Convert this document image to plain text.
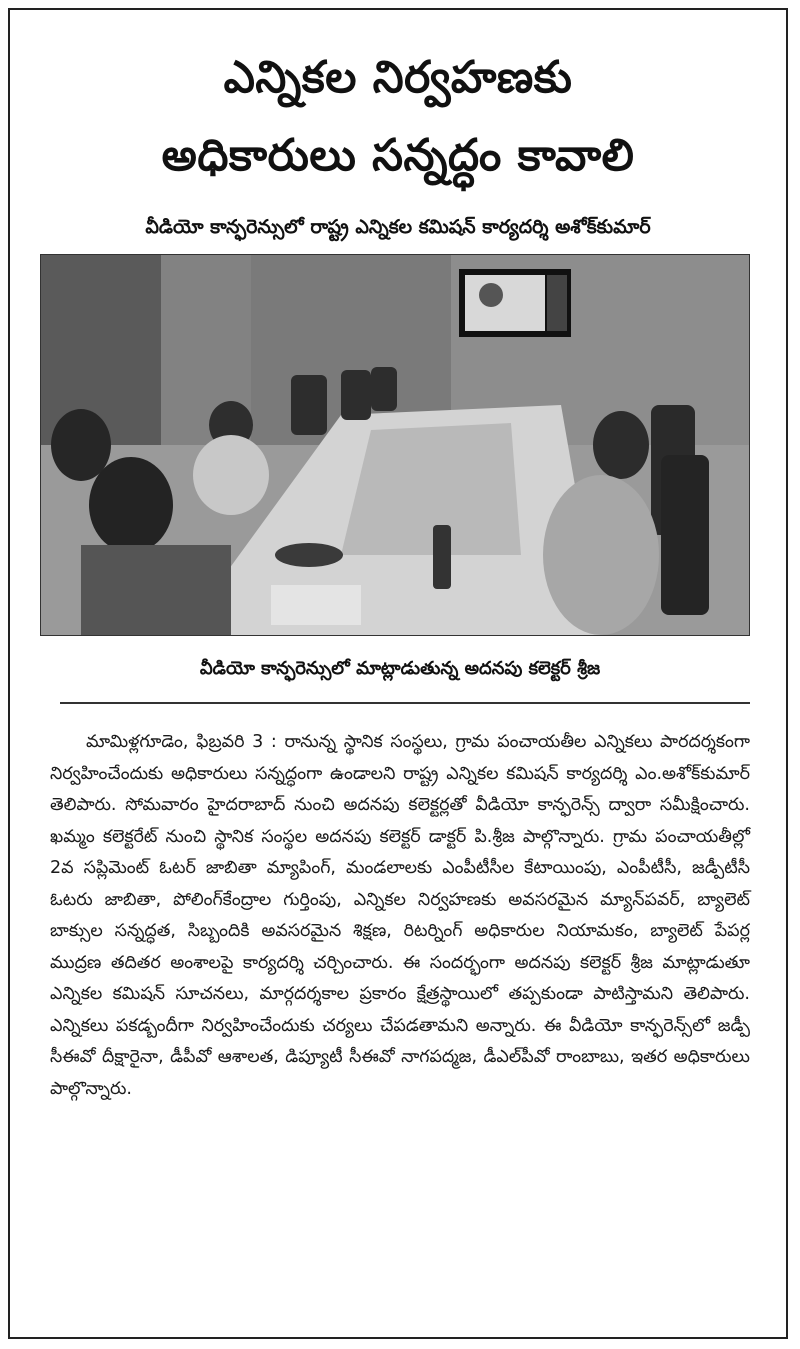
ఎన్నికల నిర్వహణకు
అధికారులు సన్నద్ధం కావాలి
వీడియో కాన్ఫరెన్సులో రాష్ట్ర ఎన్నికల కమిషన్ కార్యదర్శి అశోక్‌కుమార్
వీడియో కాన్ఫరెన్సులో మాట్లాడుతున్న అదనపు కలెక్టర్ శ్రీజ

మామిళ్లగూడెం, ఫిబ్రవరి 3 : రానున్న స్థానిక సంస్థలు, గ్రామ పంచాయతీల ఎన్నికలు పారదర్శకంగా నిర్వహించేందుకు అధికారులు సన్నద్ధంగా ఉండాలని రాష్ట్ర ఎన్నికల కమిషన్ కార్యదర్శి ఎం.అశోక్‌కుమార్ తెలిపారు. సోమవారం హైదరాబాద్ నుంచి అదనపు కలెక్టర్లతో వీడియో కాన్ఫరెన్స్ ద్వారా సమీక్షించారు. ఖమ్మం కలెక్టరేట్ నుంచి స్థానిక సంస్థల అదనపు కలెక్టర్ డాక్టర్ పి.శ్రీజ పాల్గొన్నారు. గ్రామ పంచాయతీల్లో 2వ సప్లిమెంట్ ఓటర్ జాబితా మ్యాపింగ్, మండలాలకు ఎంపీటీసీల కేటాయింపు, ఎంపీటీసీ, జడ్పీటీసీ ఓటరు జాబితా, పోలింగ్‌కేంద్రాల గుర్తింపు, ఎన్నికల నిర్వహణకు అవసరమైన మ్యాన్‌పవర్, బ్యాలెట్ బాక్సుల సన్నద్ధత, సిబ్బందికి అవసరమైన శిక్షణ, రిటర్నింగ్ అధికారుల నియామకం, బ్యాలెట్ పేపర్ల ముద్రణ తదితర అంశాలపై కార్యదర్శి చర్చించారు. ఈ సందర్భంగా అదనపు కలెక్టర్ శ్రీజ మాట్లాడుతూ ఎన్నికల కమిషన్ సూచనలు, మార్గదర్శకాల ప్రకారం క్షేత్రస్థాయిలో తప్పకుండా పాటిస్తామని తెలిపారు. ఎన్నికలు పకడ్బందీగా నిర్వహించేందుకు చర్యలు చేపడతామని అన్నారు. ఈ వీడియో కాన్ఫరెన్స్‌లో జడ్పీ సీఈవో దీక్షారైనా, డీపీవో ఆశాలత, డిప్యూటీ సీఈవో నాగపద్మజ, డీఎల్‌పీవో రాంబాబు, ఇతర అధికారులు పాల్గొన్నారు.
